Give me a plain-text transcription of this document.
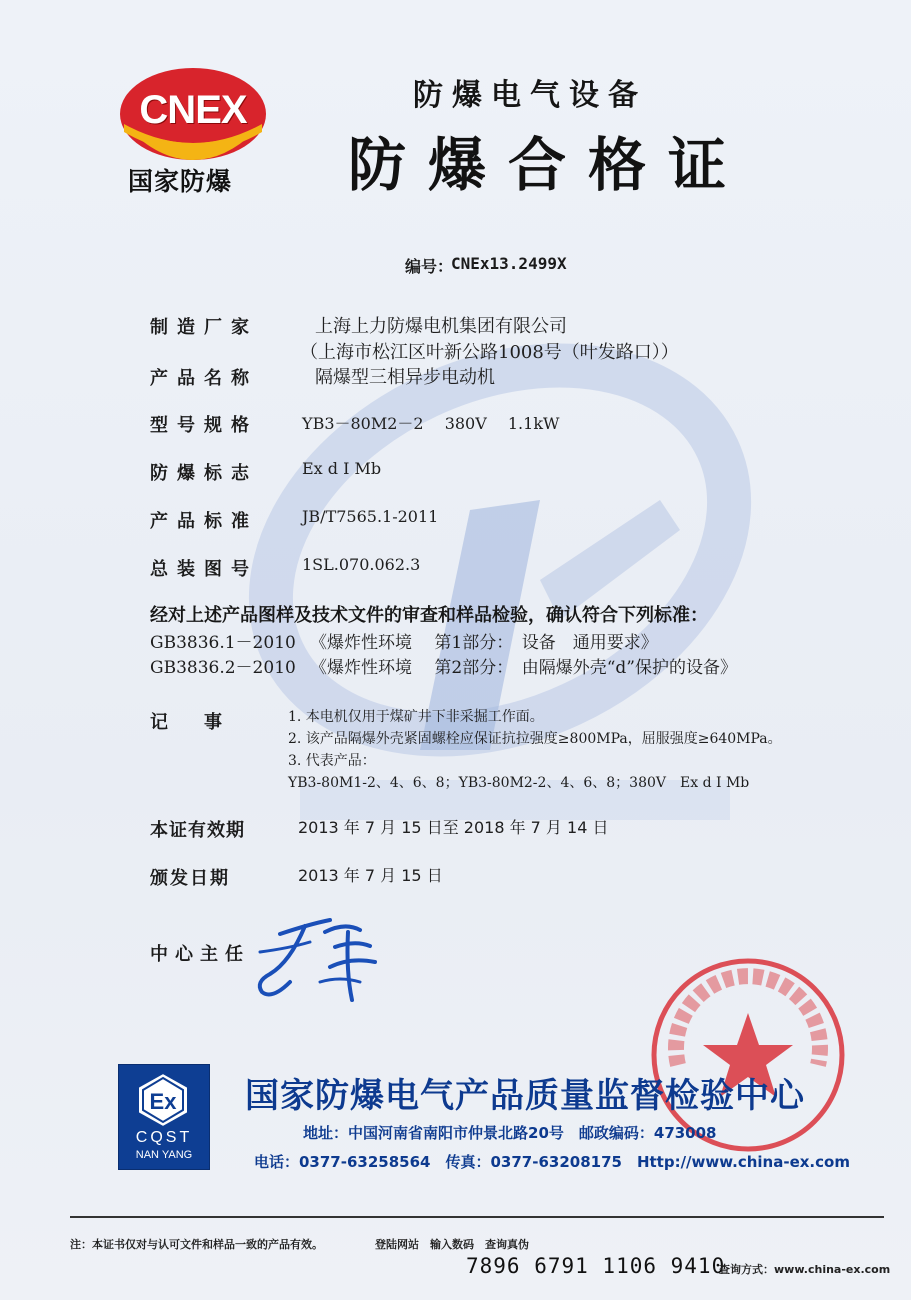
CNEX
国家防爆
防爆电气设备
防爆合格证
编号：
CNEx13.2499X
制造厂家	上海上力防爆电机集团有限公司
（上海市松江区叶新公路1008号（叶发路口））
产品名称	隔爆型三相异步电动机
型号规格	YB3－80M2－2　 380V　 1.1kW
防爆标志	Ex d I Mb
产品标准	JB/T7565.1-2011
总装图号	1SL.070.062.3
经对上述产品图样及技术文件的审查和样品检验，确认符合下列标准：
GB3836.1－2010 《爆炸性环境　 第1部分：　设备　通用要求》
GB3836.2－2010 《爆炸性环境　 第2部分：　由隔爆外壳“d”保护的设备》
记　事	1. 本电机仅用于煤矿井下非采掘工作面。
2. 该产品隔爆外壳紧固螺栓应保证抗拉强度≥800MPa，屈服强度≥640MPa。
3. 代表产品：
YB3-80M1-2、4、6、8；YB3-80M2-2、4、6、8；380V　Ex d I Mb
本证有效期	2013 年 7 月 15 日至 2018 年 7 月 14 日
颁发日期	2013 年 7 月 15 日
中心主任
Ex
CQST
NAN YANG
国家防爆电气产品质量监督检验中心
地址：中国河南省南阳市仲景北路20号　邮政编码：473008
电话：0377-63258564　传真：0377-63208175　Http://www.china-ex.com
注：本证书仅对与认可文件和样品一致的产品有效。	登陆网站　输入数码　查询真伪
7896 6791 1106 9410
查询方式：www.china-ex.com
